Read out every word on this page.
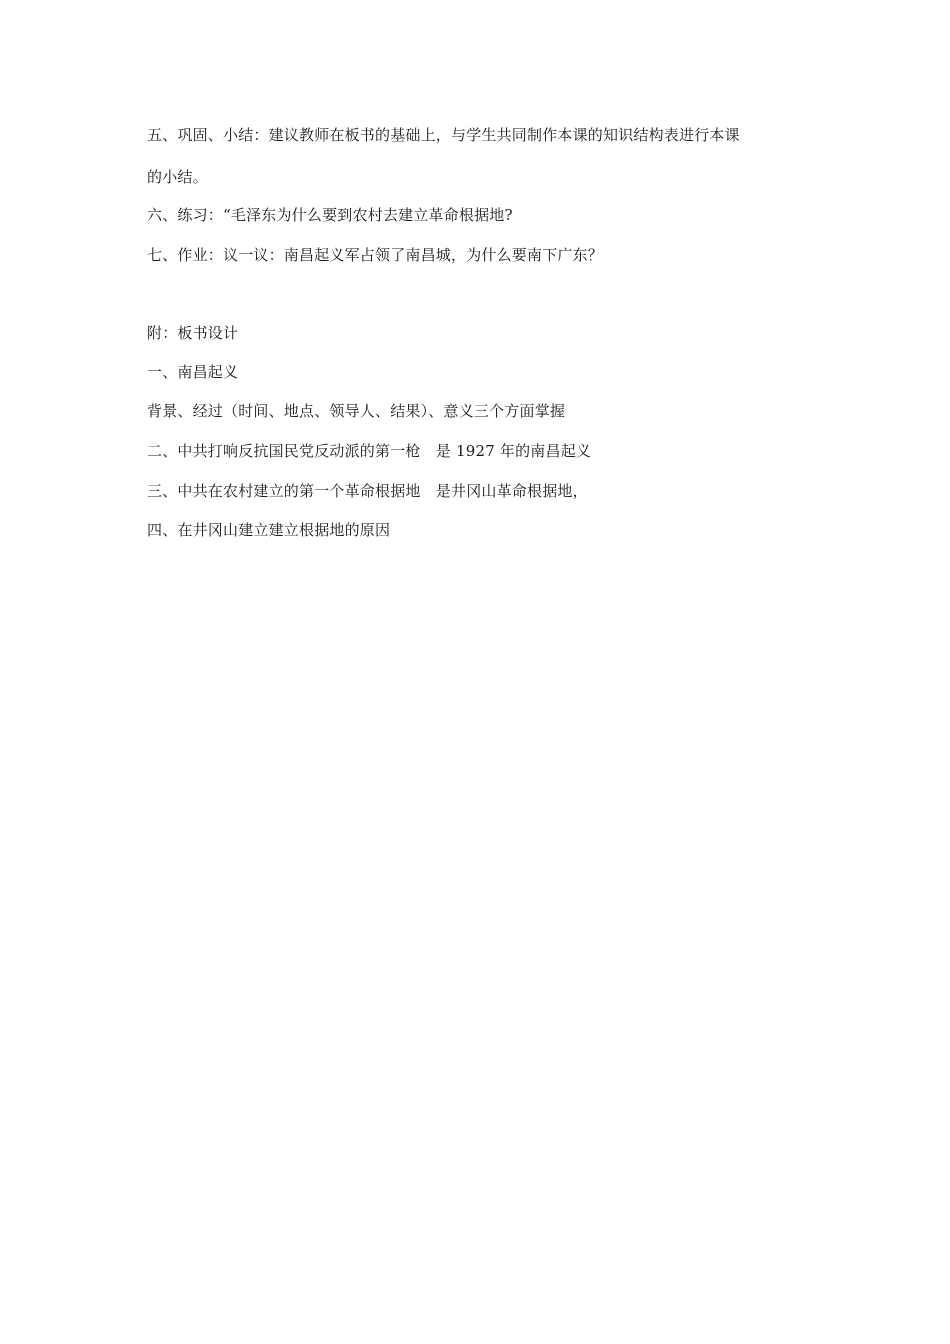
五、巩固、小结：建议教师在板书的基础上，与学生共同制作本课的知识结构表进行本课
的小结。
六、练习：“毛泽东为什么要到农村去建立革命根据地?
七、作业：议一议：南昌起义军占领了南昌城，为什么要南下广东？
附：板书设计
一、南昌起义
背景、经过（时间、地点、领导人、结果）、意义三个方面掌握
二、中共打响反抗国民党反动派的第一枪　是 1927 年的南昌起义
三、中共在农村建立的第一个革命根据地　是井冈山革命根据地，
四、在井冈山建立建立根据地的原因
